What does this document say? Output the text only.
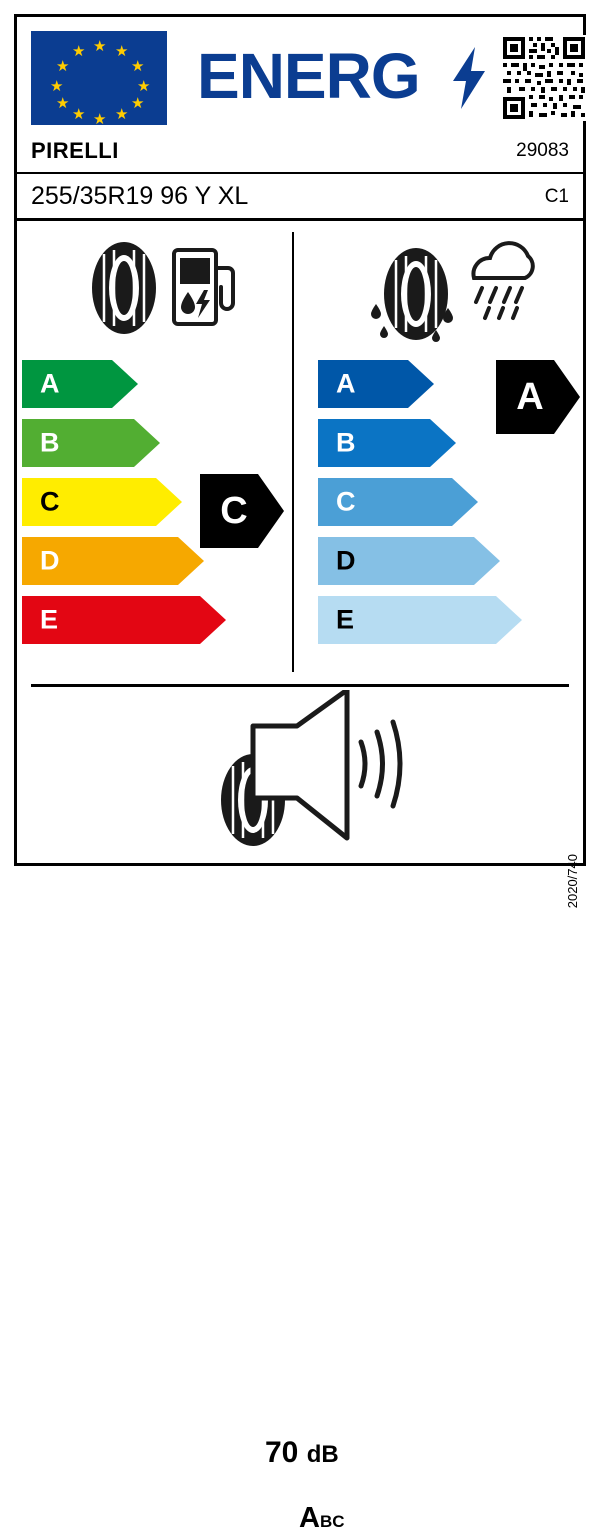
★ ★
★
★
★
★
★
★
★
★
★
★ ENERG
PIRELLI	29083
255/35R19 96 Y XL	C1
A
B
C
D
E
C
A
B
C
D
E
A
70 dB
ABC
2020/740
